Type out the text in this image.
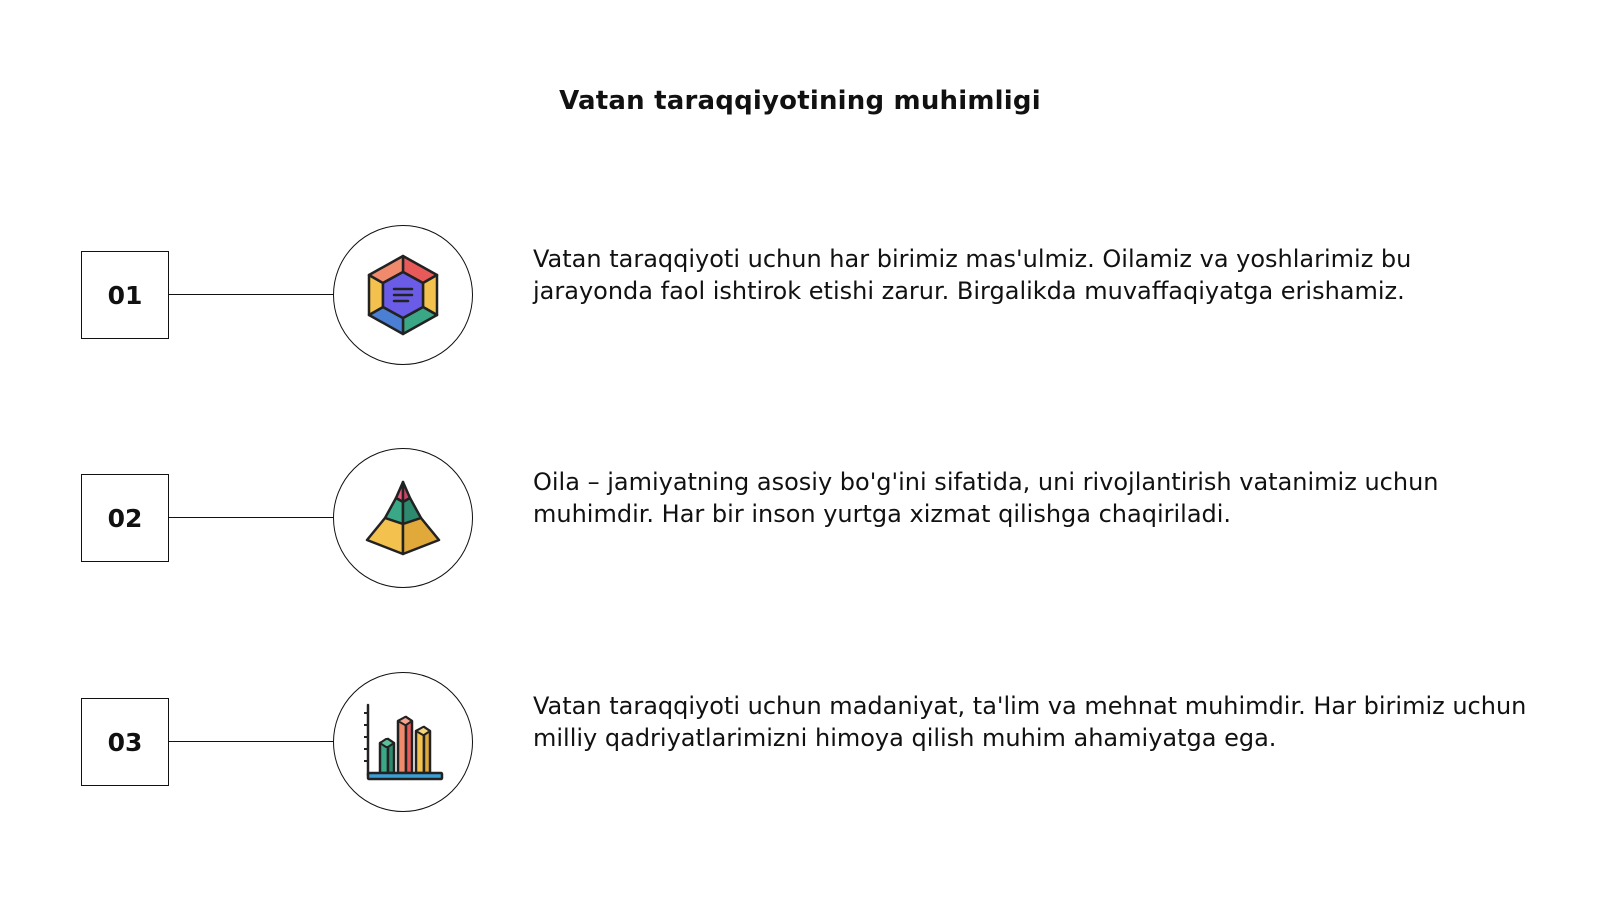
Vatan taraqqiyotining muhimligi
01
Vatan taraqqiyoti uchun har birimiz mas'ulmiz. Oilamiz va yoshlarimiz bu jarayonda faol ishtirok etishi zarur. Birgalikda muvaffaqiyatga erishamiz.
02
Oila – jamiyatning asosiy bo'g'ini sifatida, uni rivojlantirish vatanimiz uchun muhimdir. Har bir inson yurtga xizmat qilishga chaqiriladi.
03
Vatan taraqqiyoti uchun madaniyat, ta'lim va mehnat muhimdir. Har birimiz uchun milliy qadriyatlarimizni himoya qilish muhim ahamiyatga ega.
